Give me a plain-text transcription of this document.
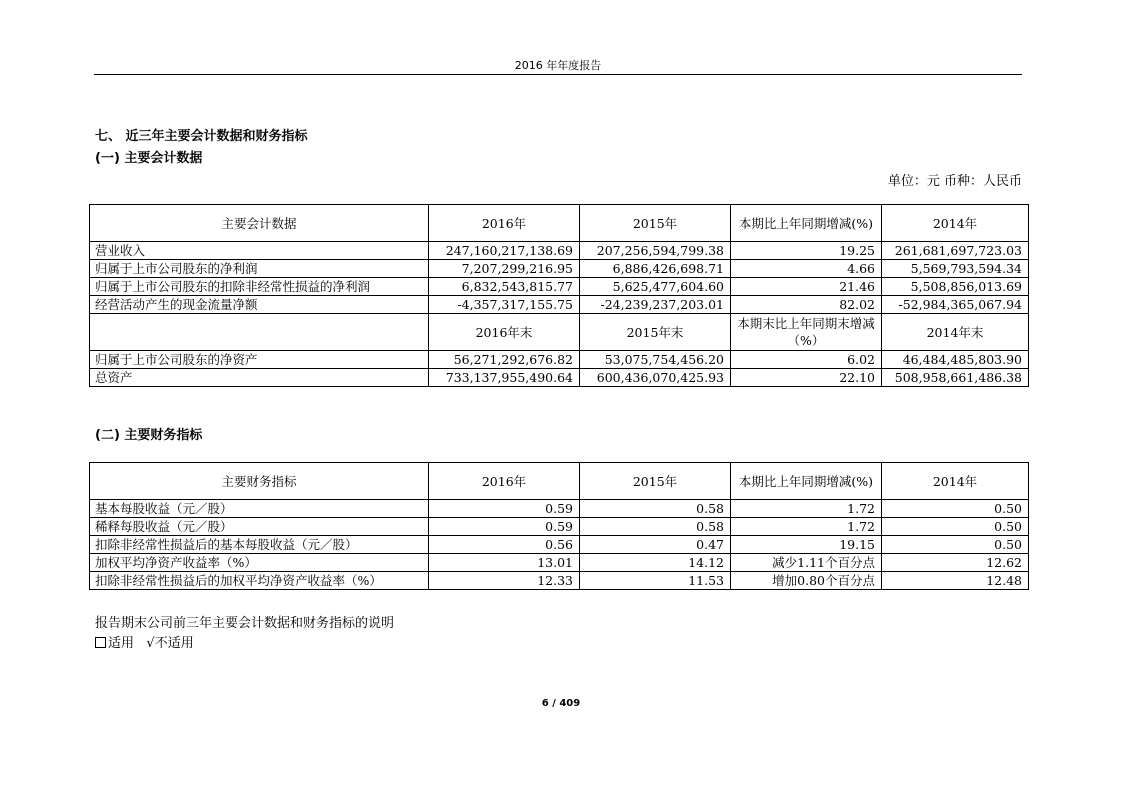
2016 年年度报告
七、 近三年主要会计数据和财务指标
(一) 主要会计数据
单位：元 币种：人民币
主要会计数据	2016年	2015年	本期比上年同期增减(%)	2014年
营业收入	247,160,217,138.69	207,256,594,799.38	19.25	261,681,697,723.03
归属于上市公司股东的净利润	7,207,299,216.95	6,886,426,698.71	4.66	5,569,793,594.34
归属于上市公司股东的扣除非经常性损益的净利润	6,832,543,815.77	5,625,477,604.60	21.46	5,508,856,013.69
经营活动产生的现金流量净额	-4,357,317,155.75	-24,239,237,203.01	82.02	-52,984,365,067.94
	2016年末	2015年末	本期末比上年同期末增减（%）	2014年末
归属于上市公司股东的净资产	56,271,292,676.82	53,075,754,456.20	6.02	46,484,485,803.90
总资产	733,137,955,490.64	600,436,070,425.93	22.10	508,958,661,486.38
(二) 主要财务指标
主要财务指标	2016年	2015年	本期比上年同期增减(%)	2014年
基本每股收益（元／股）	0.59	0.58	1.72	0.50
稀释每股收益（元／股）	0.59	0.58	1.72	0.50
扣除非经常性损益后的基本每股收益（元／股）	0.56	0.47	19.15	0.50
加权平均净资产收益率（%）	13.01	14.12	减少1.11个百分点	12.62
扣除非经常性损益后的加权平均净资产收益率（%）	12.33	11.53	增加0.80个百分点	12.48
报告期末公司前三年主要会计数据和财务指标的说明
适用 √不适用
6 / 409
